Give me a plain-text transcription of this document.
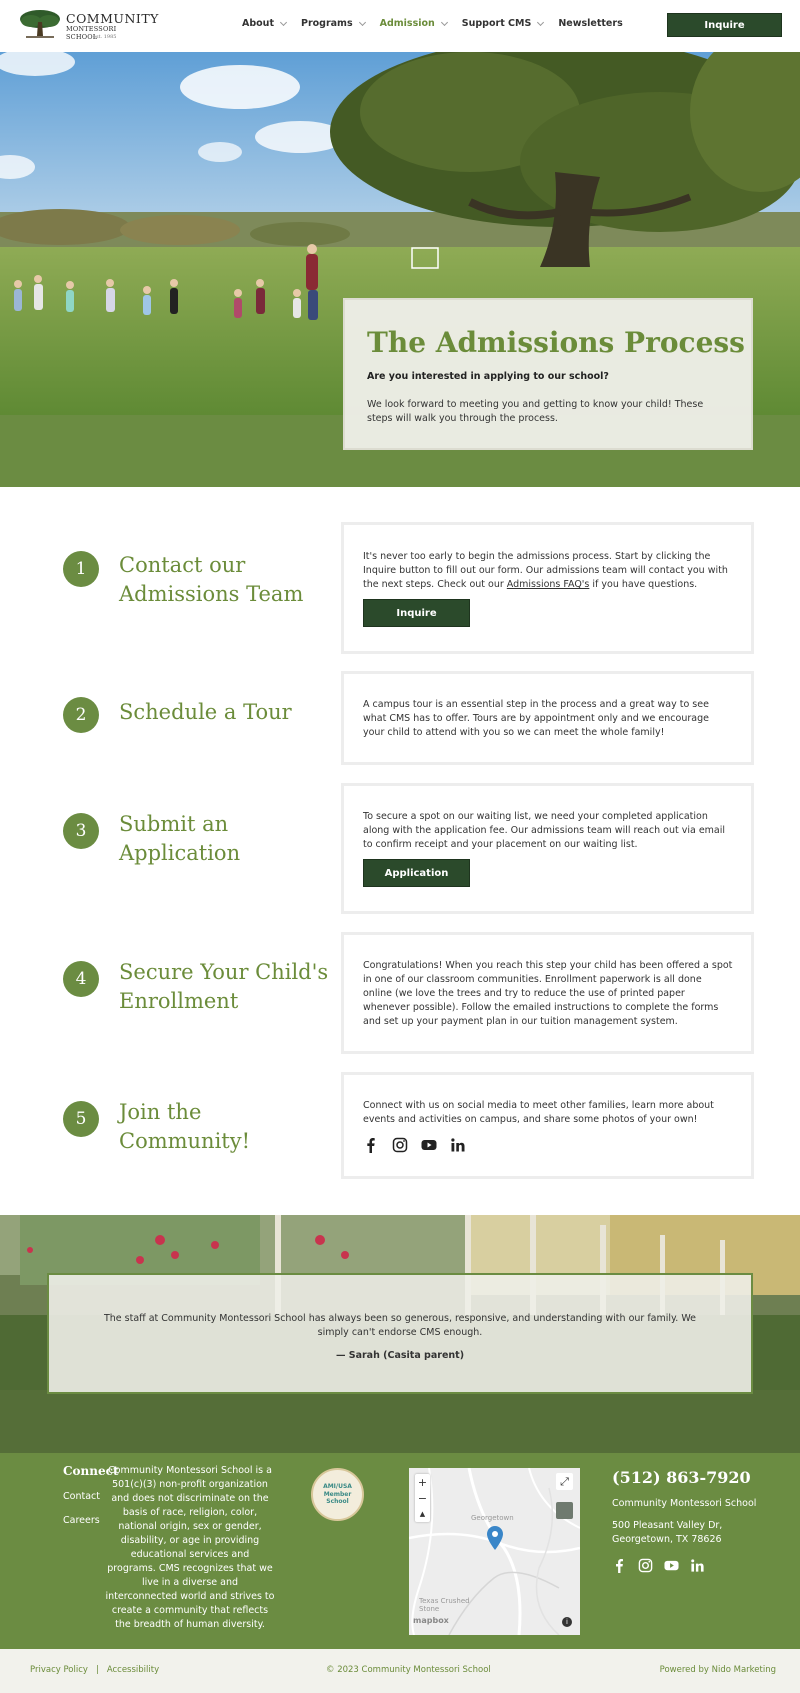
COMMUNITY
MONTESSORI SCHOOL
est. 1985
About	Programs	Admission	Support CMS	Newsletters	Inquire
The Admissions Process
Are you interested in applying to our school?
We look forward to meeting you and getting to know your child! These steps will walk you through the process.
1	Contact our Admissions Team
It's never too early to begin the admissions process. Start by clicking the Inquire button to fill out our form. Our admissions team will contact you with the next steps. Check out our Admissions FAQ's if you have questions.
Inquire
2	Schedule a Tour	A campus tour is an essential step in the process and a great way to see what CMS has to offer. Tours are by appointment only and we encourage your child to attend with you so we can meet the whole family!
3	Submit an Application
To secure a spot on our waiting list, we need your completed application along with the application fee. Our admissions team will reach out via email to confirm receipt and your placement on our waiting list.
Application
4	Secure Your Child's Enrollment
Congratulations! When you reach this step your child has been offered a spot in one of our classroom communities. Enrollment paperwork is all done online (we love the trees and try to reduce the use of printed paper whenever possible). Follow the emailed instructions to complete the forms and set up your payment plan in our tuition management system.
5	Join the Community!
Connect with us on social media to meet other families, learn more about events and activities on campus, and share some photos of your own!
The staff at Community Montessori School has always been so generous, responsive, and understanding with our family. We simply can't endorse CMS enough.
— Sarah (Casita parent)
Connect
Contact
Careers
Community Montessori School is a 501(c)(3) non-profit organization and does not discriminate on the basis of race, religion, color, national origin, sex or gender, disability, or age in providing educational services and programs. CMS recognizes that we live in a diverse and interconnected world and strives to create a community that reflects the breadth of human diversity.
AMI/USA
Member
School
+
−
▲
⤢
Georgetown
Texas Crushed
Stone
mapbox	i
(512) 863-7920
Community Montessori School
500 Pleasant Valley Dr,
Georgetown, TX 78626
Privacy Policy | Accessibility	© 2023 Community Montessori School	Powered by Nido Marketing
